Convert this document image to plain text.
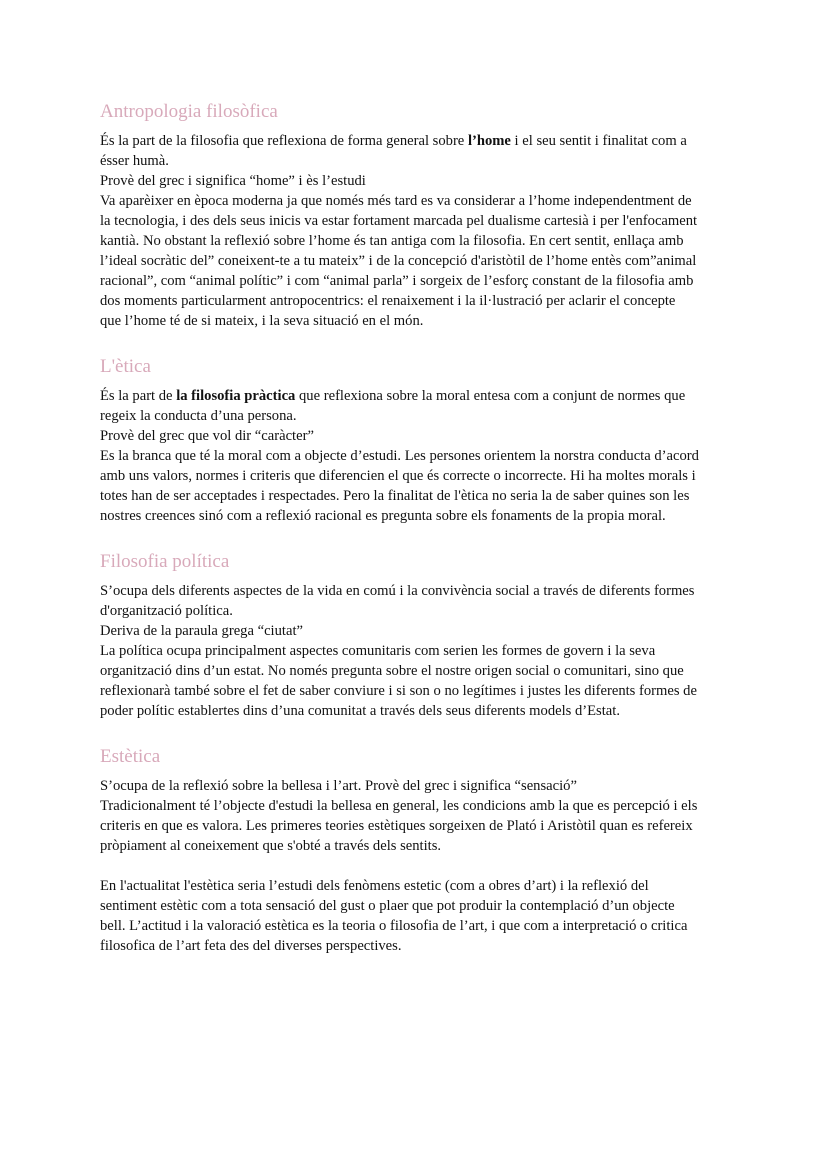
Antropologia filosòfica
És la part de la filosofia que reflexiona de forma general sobre l’home i el seu sentit i finalitat com a
ésser humà.
Provè del grec i significa “home” i ès l’estudi
Va aparèixer en època moderna ja que només més tard es va considerar a l’home independentment de
la tecnologia, i des dels seus inicis va estar fortament marcada pel dualisme cartesià i per l'enfocament
kantià. No obstant la reflexió sobre l’home és tan antiga com la filosofia. En cert sentit, enllaça amb
l’ideal socràtic del” coneixent-te a tu mateix” i de la concepció d'aristòtil de l’home entès com”animal
racional”, com “animal polític” i com “animal parla” i sorgeix de l’esforç constant de la filosofia amb
dos moments particularment antropocentrics: el renaixement i la il·lustració per aclarir el concepte
que l’home té de si mateix, i la seva situació en el món.
L'ètica
És la part de la filosofia pràctica que reflexiona sobre la moral entesa com a conjunt de normes que
regeix la conducta d’una persona.
Provè del grec que vol dir “caràcter”
Es la branca que té la moral com a objecte d’estudi. Les persones orientem la norstra conducta d’acord
amb uns valors, normes i criteris que diferencien el que és correcte o incorrecte. Hi ha moltes morals i
totes han de ser acceptades i respectades. Pero la finalitat de l'ètica no seria la de saber quines son les
nostres creences sinó com a reflexió racional es pregunta sobre els fonaments de la propia moral.
Filosofia política
S’ocupa dels diferents aspectes de la vida en comú i la convivència social a través de diferents formes
d'organització política.
Deriva de la paraula grega “ciutat”
La política ocupa principalment aspectes comunitaris com serien les formes de govern i la seva
organització dins d’un estat. No només pregunta sobre el nostre origen social o comunitari, sino que
reflexionarà també sobre el fet de saber conviure i si son o no legítimes i justes les diferents formes de
poder polític establertes dins d’una comunitat a través dels seus diferents models d’Estat.
Estètica
S’ocupa de la reflexió sobre la bellesa i l’art. Provè del grec i significa “sensació”
Tradicionalment té l’objecte d'estudi la bellesa en general, les condicions amb la que es percepció i els
criteris en que es valora. Les primeres teories estètiques sorgeixen de Plató i Aristòtil quan es refereix
pròpiament al coneixement que s'obté a través dels sentits.
En l'actualitat l'estètica seria l’estudi dels fenòmens estetic (com a obres d’art) i la reflexió del
sentiment estètic com a tota sensació del gust o plaer que pot produir la contemplació d’un objecte
bell. L’actitud i la valoració estètica es la teoria o filosofia de l’art, i que com a interpretació o critica
filosofica de l’art feta des del diverses perspectives.
